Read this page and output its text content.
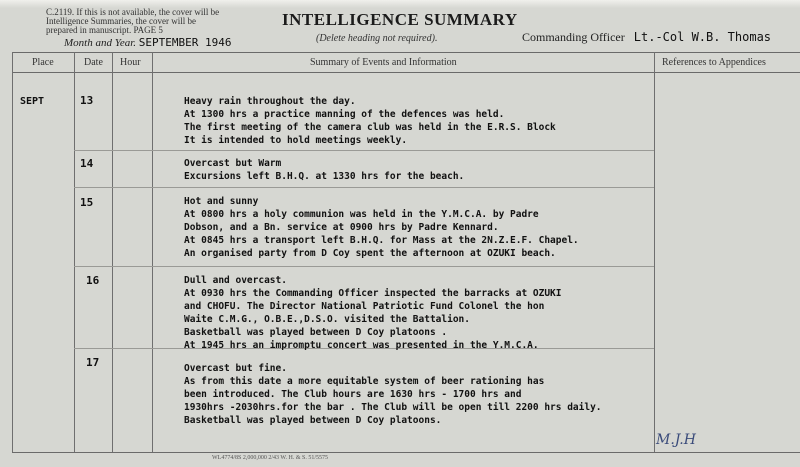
C.2119. If this is not available, the cover will be
Intelligence Summaries, the cover will be
prepared in manuscript. PAGE 5
INTELLIGENCE SUMMARY
(Delete heading not required).
Month and Year. SEPTEMBER 1946	Commanding Officer Lt.-Col W.B. Thomas
Place	Date Hour	Summary of Events and Information	References to Appendices
SEPT	13	Heavy rain throughout the day.
At 1300 hrs a practice manning of the defences was held.
The first meeting of the camera club was held in the E.R.S. Block
It is intended to hold meetings weekly.
14	Overcast but Warm
Excursions left B.H.Q. at 1330 hrs for the beach.
15	Hot and sunny
At 0800 hrs a holy communion was held in the Y.M.C.A. by Padre
Dobson, and a Bn. service at 0900 hrs by Padre Kennard.
At 0845 hrs a transport left B.H.Q. for Mass at the 2N.Z.E.F. Chapel.
An organised party from D Coy spent the afternoon at OZUKI beach.
16	Dull and overcast.
At 0930 hrs the Commanding Officer inspected the barracks at OZUKI
and CHOFU. The Director National Patriotic Fund Colonel the hon
Waite C.M.G., O.B.E.,D.S.O. visited the Battalion.
Basketball was played between D Coy platoons .
At 1945 hrs an impromptu concert was presented in the Y.M.C.A.
17	Overcast but fine.
As from this date a more equitable system of beer rationing has
been introduced. The Club hours are 1630 hrs - 1700 hrs and
1930hrs -2030hrs.for the bar . The Club will be open till 2200 hrs daily.
Basketball was played between D Coy platoons.
M.J.H
WL4774/8S 2,000,000 2/43 W. H. & S. 51/5575
